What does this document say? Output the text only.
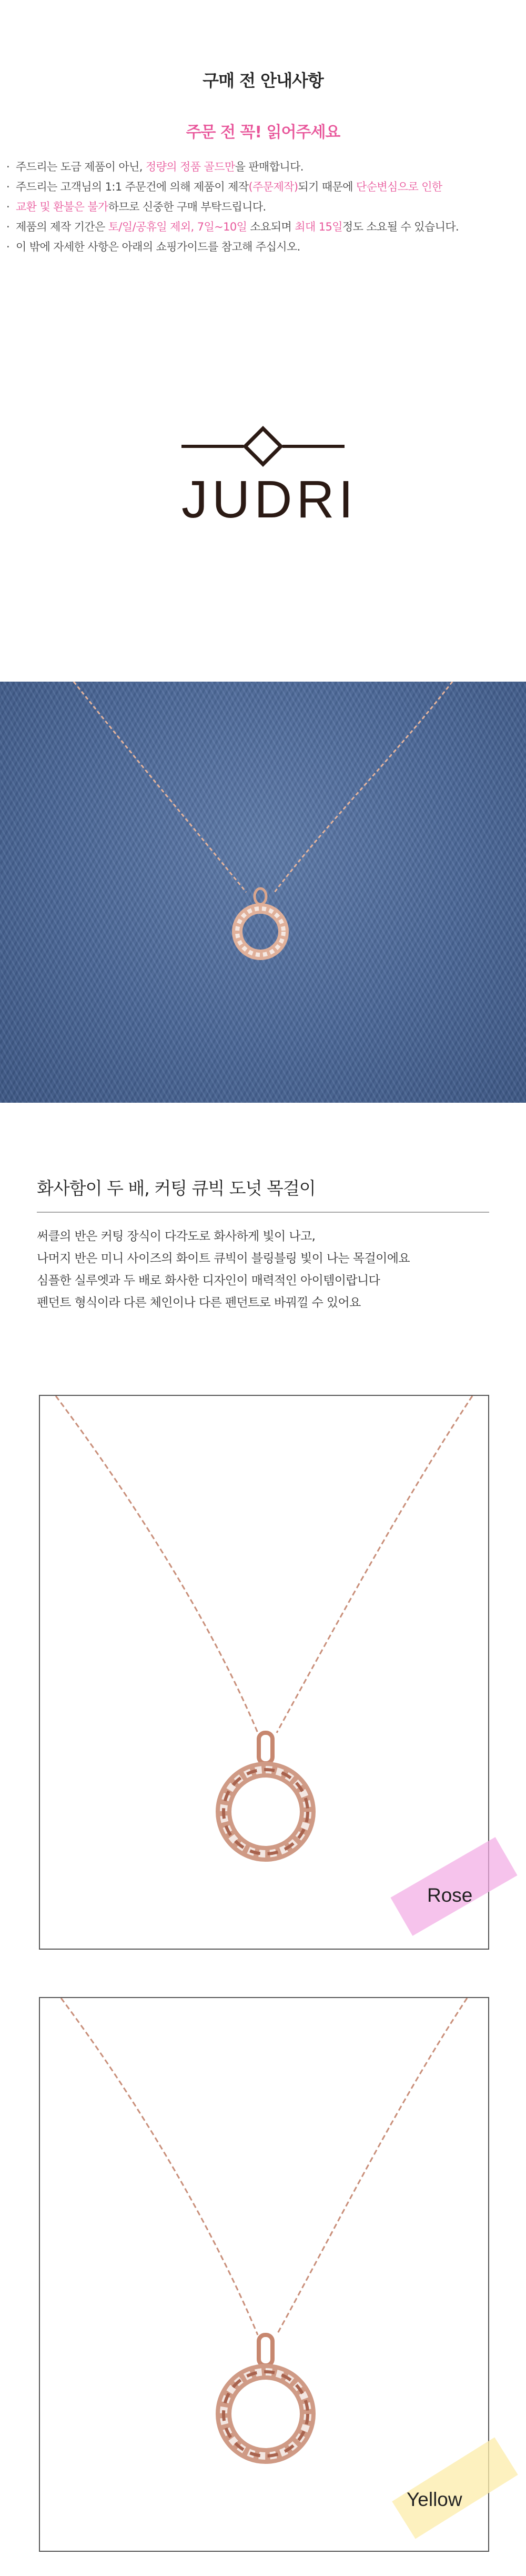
구매 전 안내사항
주문 전 꼭! 읽어주세요
· 주드리는 도금 제품이 아닌, 정량의 정품 골드만을 판매합니다.
· 주드리는 고객님의 1:1 주문건에 의해 제품이 제작(주문제작)되기 때문에 단순변심으로 인한
· 교환 및 환불은 불가하므로 신중한 구매 부탁드립니다.
· 제품의 제작 기간은 토/일/공휴일 제외, 7일~10일 소요되며 최대 15일정도 소요될 수 있습니다.
· 이 밖에 자세한 사항은 아래의 쇼핑가이드를 참고해 주십시오.
JUDRI
화사함이 두 배, 커팅 큐빅 도넛 목걸이

써클의 반은 커팅 장식이 다각도로 화사하게 빛이 나고,

나머지 반은 미니 사이즈의 화이트 큐빅이 블링블링 빛이 나는 목걸이에요

심플한 실루엣과 두 배로 화사한 디자인이 매력적인 아이템이랍니다

펜던트 형식이라 다른 체인이나 다른 펜던트로 바꿔낄 수 있어요

Rose
Yellow
